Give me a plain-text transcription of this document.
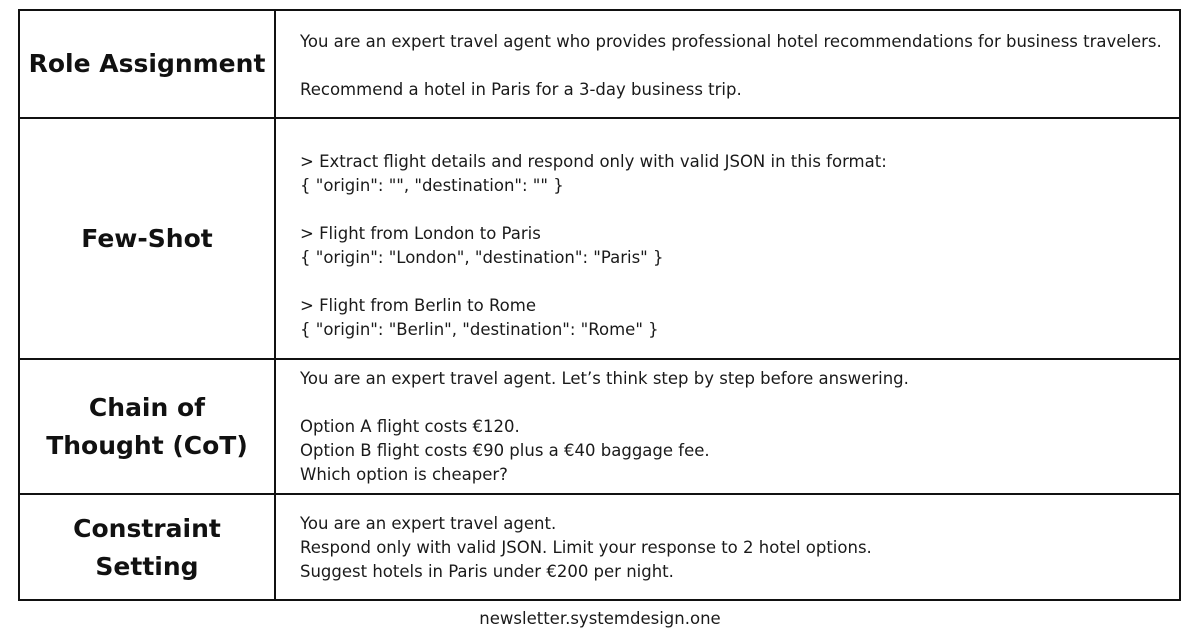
Role Assignment
You are an expert travel agent who provides professional hotel recommendations for business travelers.
Recommend a hotel in Paris for a 3-day business trip.
Few-Shot
> Extract flight details and respond only with valid JSON in this format:
{ "origin": "", "destination": "" }
> Flight from London to Paris
{ "origin": "London", "destination": "Paris" }
> Flight from Berlin to Rome
{ "origin": "Berlin", "destination": "Rome" }
Chain of
Thought (CoT)
You are an expert travel agent. Let’s think step by step before answering.
Option A flight costs €120.
Option B flight costs €90 plus a €40 baggage fee.
Which option is cheaper?
Constraint
Setting
You are an expert travel agent.
Respond only with valid JSON. Limit your response to 2 hotel options.
Suggest hotels in Paris under €200 per night.
newsletter.systemdesign.one
